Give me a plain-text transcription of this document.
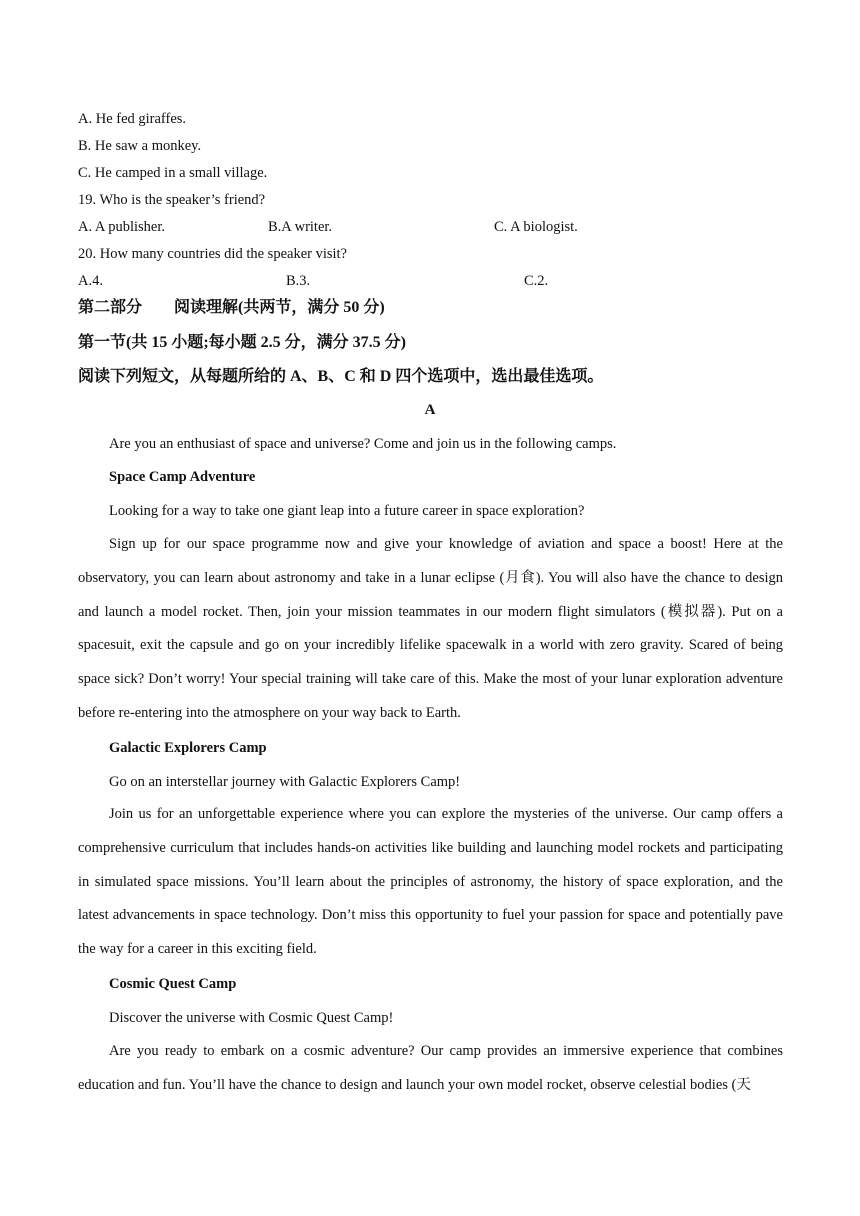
A. He fed giraffes.
B. He saw a monkey.
C. He camped in a small village.
19. Who is the speaker’s friend?
A. A publisher.	B.A writer.	C. A biologist.
20. How many countries did the speaker visit?
A.4.	B.3.	C.2.
第二部分　　阅读理解(共两节，满分 50 分)
第一节(共 15 小题;每小题 2.5 分，满分 37.5 分)
阅读下列短文，从每题所给的 A、B、C 和 D 四个选项中，选出最佳选项。
A
Are you an enthusiast of space and universe? Come and join us in the following camps.
Space Camp Adventure
Looking for a way to take one giant leap into a future career in space exploration?

Sign up for our space programme now and give your knowledge of aviation and space a boost! Here at the observatory, you can learn about astronomy and take in a lunar eclipse (月食). You will also have the chance to design and launch a model rocket. Then, join your mission teammates in our modern flight simulators (模拟器). Put on a spacesuit, exit the capsule and go on your incredibly lifelike spacewalk in a world with zero gravity. Scared of being space sick? Don’t worry! Your special training will take care of this. Make the most of your lunar exploration adventure before re-entering into the atmosphere on your way back to Earth.

Galactic Explorers Camp
Go on an interstellar journey with Galactic Explorers Camp!

Join us for an unforgettable experience where you can explore the mysteries of the universe. Our camp offers a comprehensive curriculum that includes hands-on activities like building and launching model rockets and participating in simulated space missions. You’ll learn about the principles of astronomy, the history of space exploration, and the latest advancements in space technology. Don’t miss this opportunity to fuel your passion for space and potentially pave the way for a career in this exciting field.

Cosmic Quest Camp
Discover the universe with Cosmic Quest Camp!

Are you ready to embark on a cosmic adventure? Our camp provides an immersive experience that combines education and fun. You’ll have the chance to design and launch your own model rocket, observe celestial bodies (天
